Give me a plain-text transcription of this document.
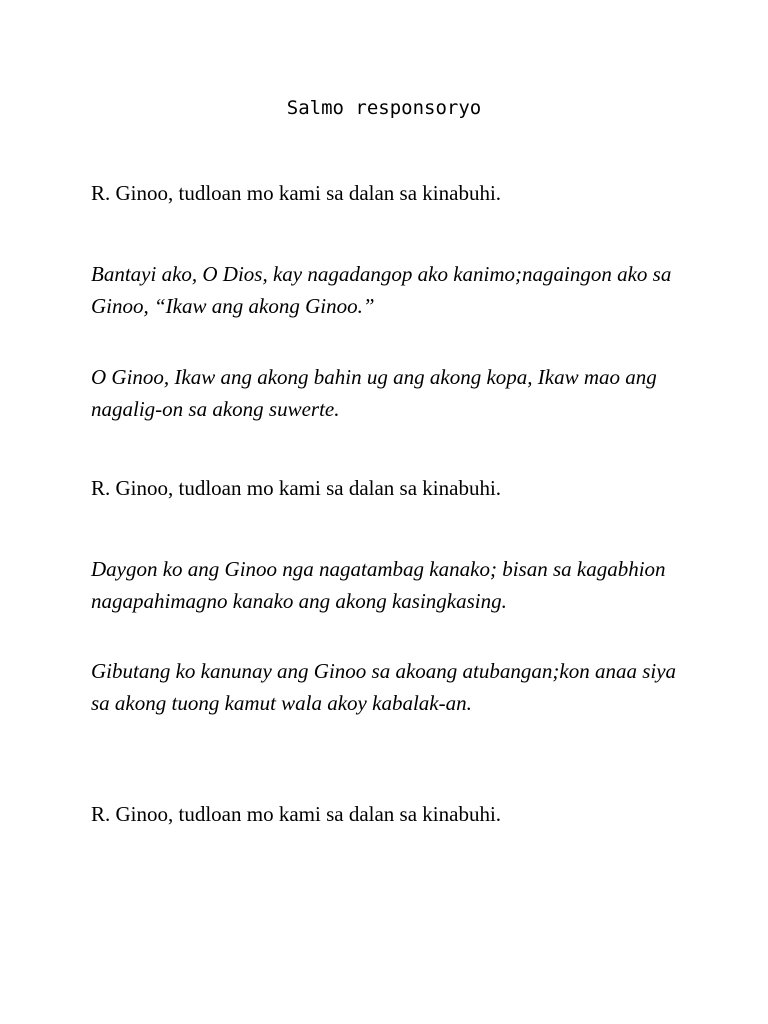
Salmo responsoryo

R. Ginoo, tudloan mo kami sa dalan sa kinabuhi.

Bantayi ako, O Dios, kay nagadangop ako kanimo;nagaingon ako sa Ginoo, “Ikaw ang akong Ginoo.”

O Ginoo, Ikaw ang akong bahin ug ang akong kopa, Ikaw mao ang nagalig-on sa akong suwerte.

R. Ginoo, tudloan mo kami sa dalan sa kinabuhi.

Daygon ko ang Ginoo nga nagatambag kanako; bisan sa kagabhion nagapahimagno kanako ang akong kasingkasing.

Gibutang ko kanunay ang Ginoo sa akoang atubangan;kon anaa siya sa akong tuong kamut wala akoy kabalak-an.

R. Ginoo, tudloan mo kami sa dalan sa kinabuhi.
